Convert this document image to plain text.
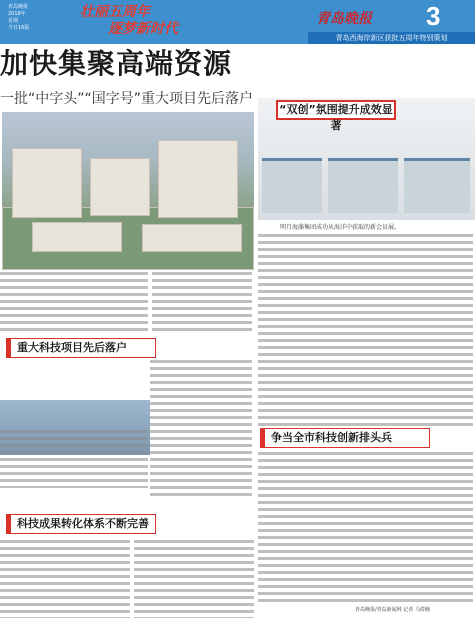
青岛晚报
2018年
星期
今日16版
壮丽五周年
逐梦新时代
青岛晚报 3
青岛西海岸新区获批五周年特别策划
加快集聚高端资源
一批“中字头”“国字号”重大项目先后落户
建设中的中科院海洋大科学研究中心。张殿光 摄
“双创”氛围提升成效显著
明月海藻集团成功从海洋中获取的新会员展。
重大科技项目先后落户
争当全市科技创新排头兵
科技成果转化体系不断完善
青岛晚报/青岛新闻网 记者 马倩楠
